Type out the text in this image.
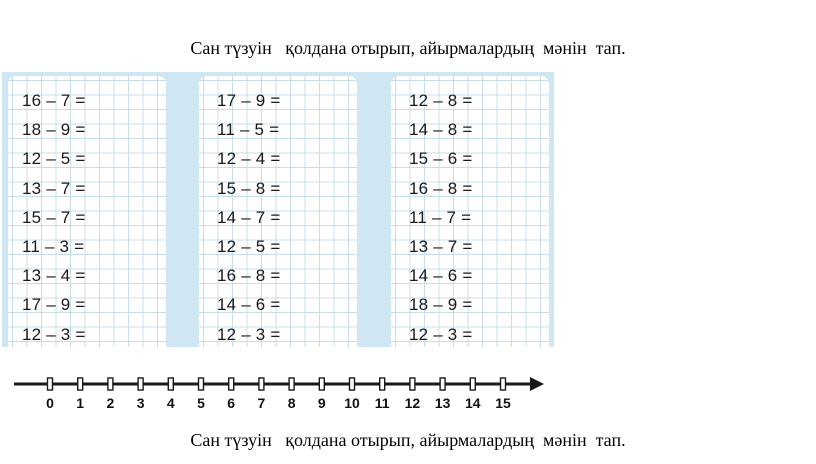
Сан түзуін   қолдана отырып, айырмалардың  мәнін  тап.
16 – 7 =
18 – 9 =
12 – 5 =
13 – 7 =
15 – 7 =
11 – 3 =
13 – 4 =
17 – 9 =
12 – 3 =
17 – 9 =
11 – 5 =
12 – 4 =
15 – 8 =
14 – 7 =
12 – 5 =
16 – 8 =
14 – 6 =
12 – 3 =
12 – 8 =
14 – 8 =
15 – 6 =
16 – 8 =
11 – 7 =
13 – 7 =
14 – 6 =
18 – 9 =
12 – 3 =
0 1 2 3 4 5 6 7 8 9 10 11 12 13 14 15
Сан түзуін   қолдана отырып, айырмалардың  мәнін  тап.
